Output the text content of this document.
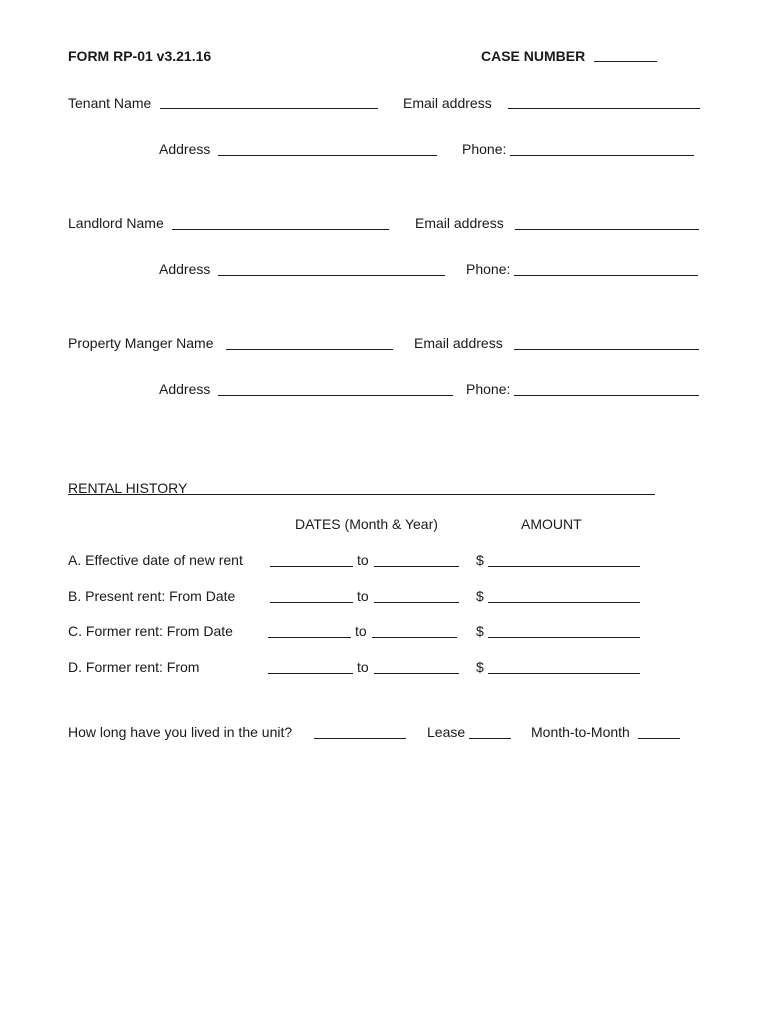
FORM RP-01 v3.21.16	CASE NUMBER
Tenant Name	Email address
Address	Phone:
Landlord Name	Email address
Address	Phone:
Property Manger Name	Email address
Address	Phone:
RENTAL HISTORY
DATES (Month & Year)	AMOUNT
A. Effective date of new rent	to	$
B. Present rent: From Date	to	$
C. Former rent: From Date	to	$
D. Former rent: From	to	$
How long have you lived in the unit?	Lease	Month-to-Month
